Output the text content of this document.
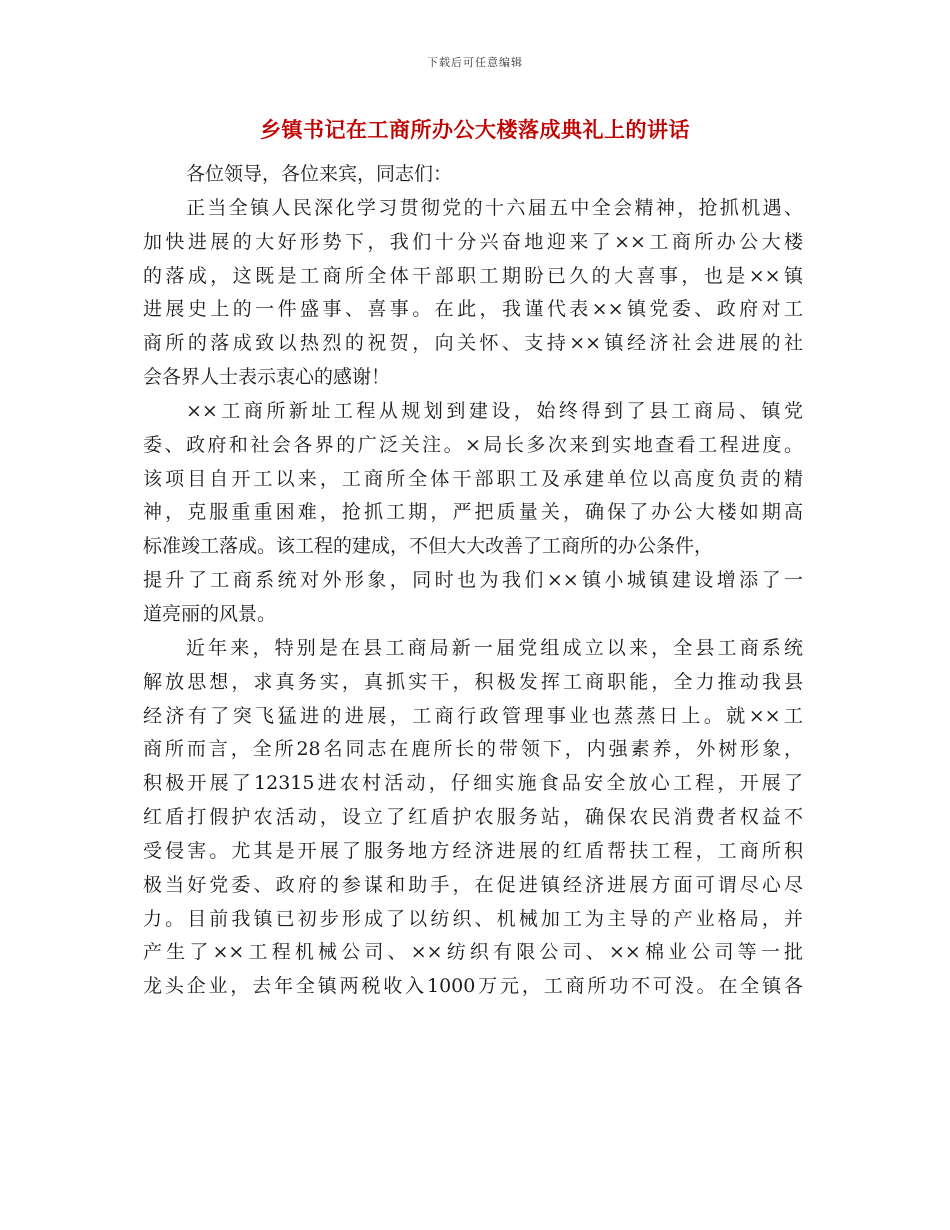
下载后可任意编辑
乡镇书记在工商所办公大楼落成典礼上的讲话
各位领导，各位来宾，同志们：
正当全镇人民深化学习贯彻党的十六届五中全会精神，抢抓机遇、
加快进展的大好形势下，我们十分兴奋地迎来了××工商所办公大楼
的落成，这既是工商所全体干部职工期盼已久的大喜事，也是××镇
进展史上的一件盛事、喜事。在此，我谨代表××镇党委、政府对工
商所的落成致以热烈的祝贺，向关怀、支持××镇经济社会进展的社
会各界人士表示衷心的感谢！
××工商所新址工程从规划到建设，始终得到了县工商局、镇党
委、政府和社会各界的广泛关注。×局长多次来到实地查看工程进度。
该项目自开工以来，工商所全体干部职工及承建单位以高度负责的精
神，克服重重困难，抢抓工期，严把质量关，确保了办公大楼如期高
标准竣工落成。该工程的建成，不但大大改善了工商所的办公条件，
提升了工商系统对外形象，同时也为我们××镇小城镇建设增添了一
道亮丽的风景。
近年来，特别是在县工商局新一届党组成立以来，全县工商系统
解放思想，求真务实，真抓实干，积极发挥工商职能，全力推动我县
经济有了突飞猛进的进展，工商行政管理事业也蒸蒸日上。就××工
商所而言，全所28名同志在鹿所长的带领下，内强素养，外树形象，
积极开展了12315进农村活动，仔细实施食品安全放心工程，开展了
红盾打假护农活动，设立了红盾护农服务站，确保农民消费者权益不
受侵害。尤其是开展了服务地方经济进展的红盾帮扶工程，工商所积
极当好党委、政府的参谋和助手，在促进镇经济进展方面可谓尽心尽
力。目前我镇已初步形成了以纺织、机械加工为主导的产业格局，并
产生了××工程机械公司、××纺织有限公司、××棉业公司等一批
龙头企业，去年全镇两税收入1000万元，工商所功不可没。在全镇各
